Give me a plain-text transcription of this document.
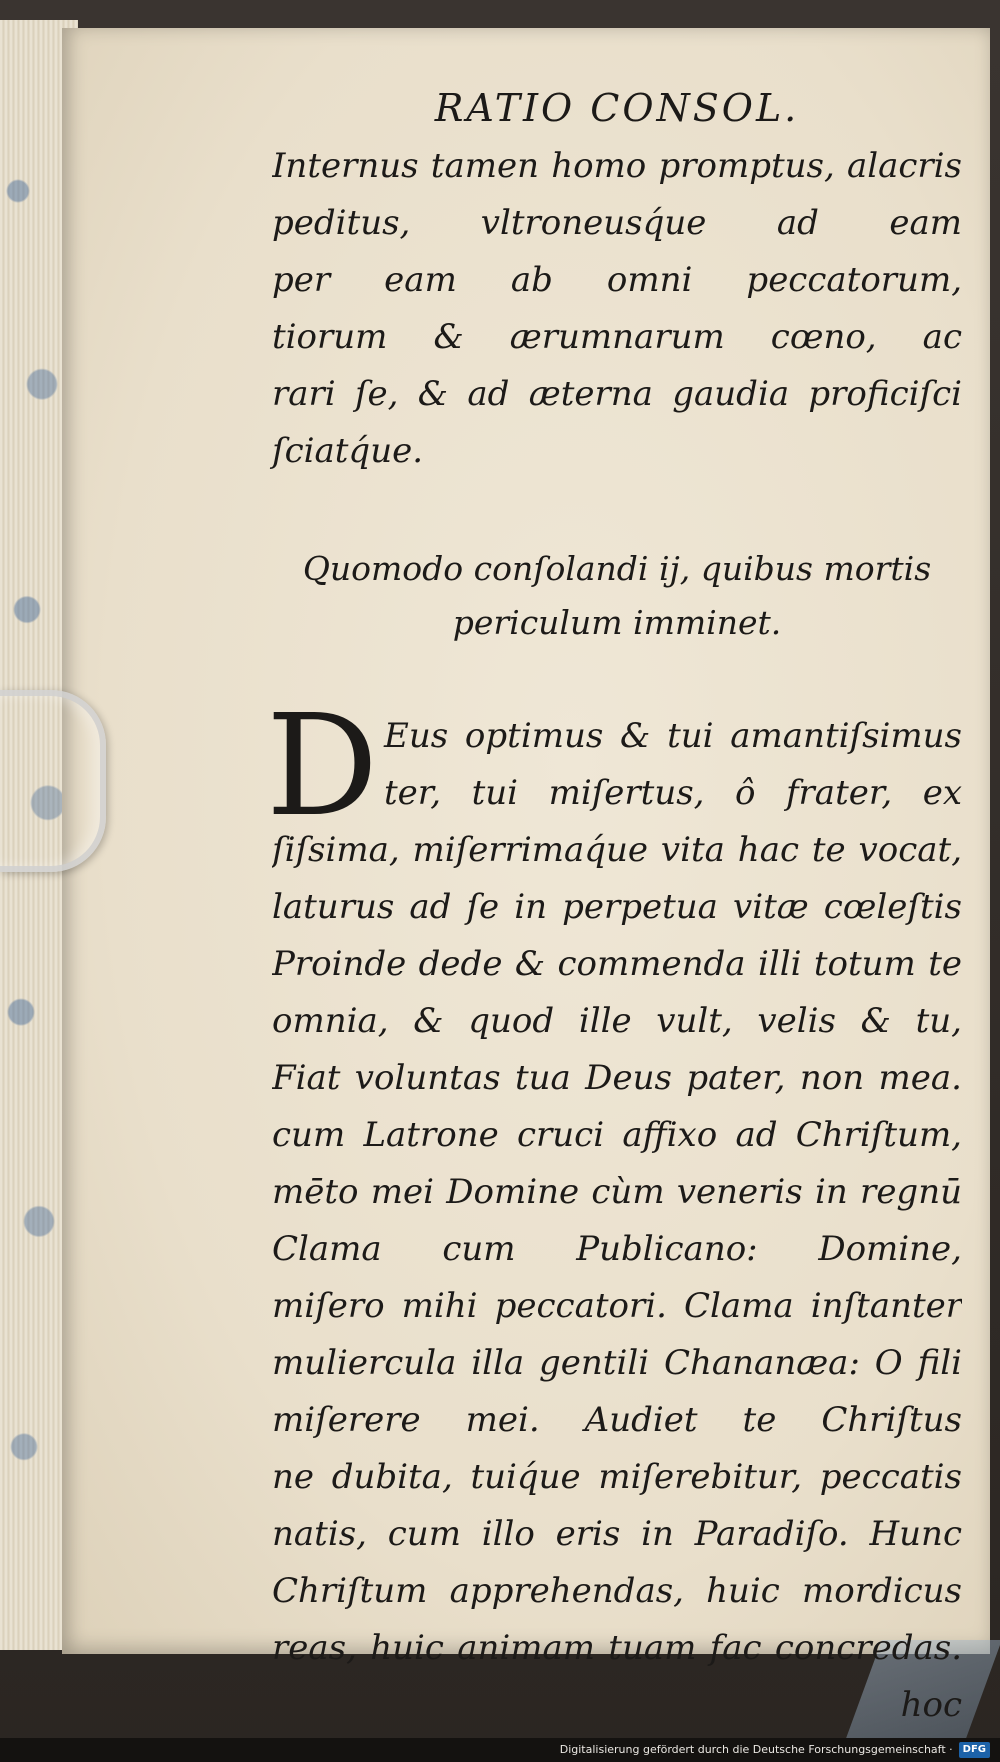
RATIO CONSOL.
Internus tamen homo promptus, alacris
peditus, vltroneusq́ue ad eam
per eam ab omni peccatorum,
tiorum & ærumnarum cœno, ac
rari ſe, & ad æterna gaudia proficiſci
ſciatq́ue.
Quomodo conſolandi ij, quibus mortis
periculum imminet.
D Eus optimus & tui amantiſsimus
ter, tui miſertus, ô frater, ex
ſiſsima, miſerrimaq́ue vita hac te vocat,
laturus ad ſe in perpetua vitæ cœleſtis
Proinde dede & commenda illi totum te
omnia, & quod ille vult, velis & tu,
Fiat voluntas tua Deus pater, non mea.
cum Latrone cruci affixo ad Chriſtum,
mēto mei Domine cùm veneris in regnū
Clama cum Publicano: Domine,
miſero mihi peccatori. Clama inſtanter
muliercula illa gentili Chananæa: O fili
miſerere mei. Audiet te Chriſtus
ne dubita, tuiq́ue miſerebitur, peccatis
natis, cum illo eris in Paradiſo. Hunc
Chriſtum apprehendas, huic mordicus
reas, huic animam tuam fac concredas.
hoc
Digitalisierung gefördert durch die Deutsche Forschungsgemeinschaft · DFG
